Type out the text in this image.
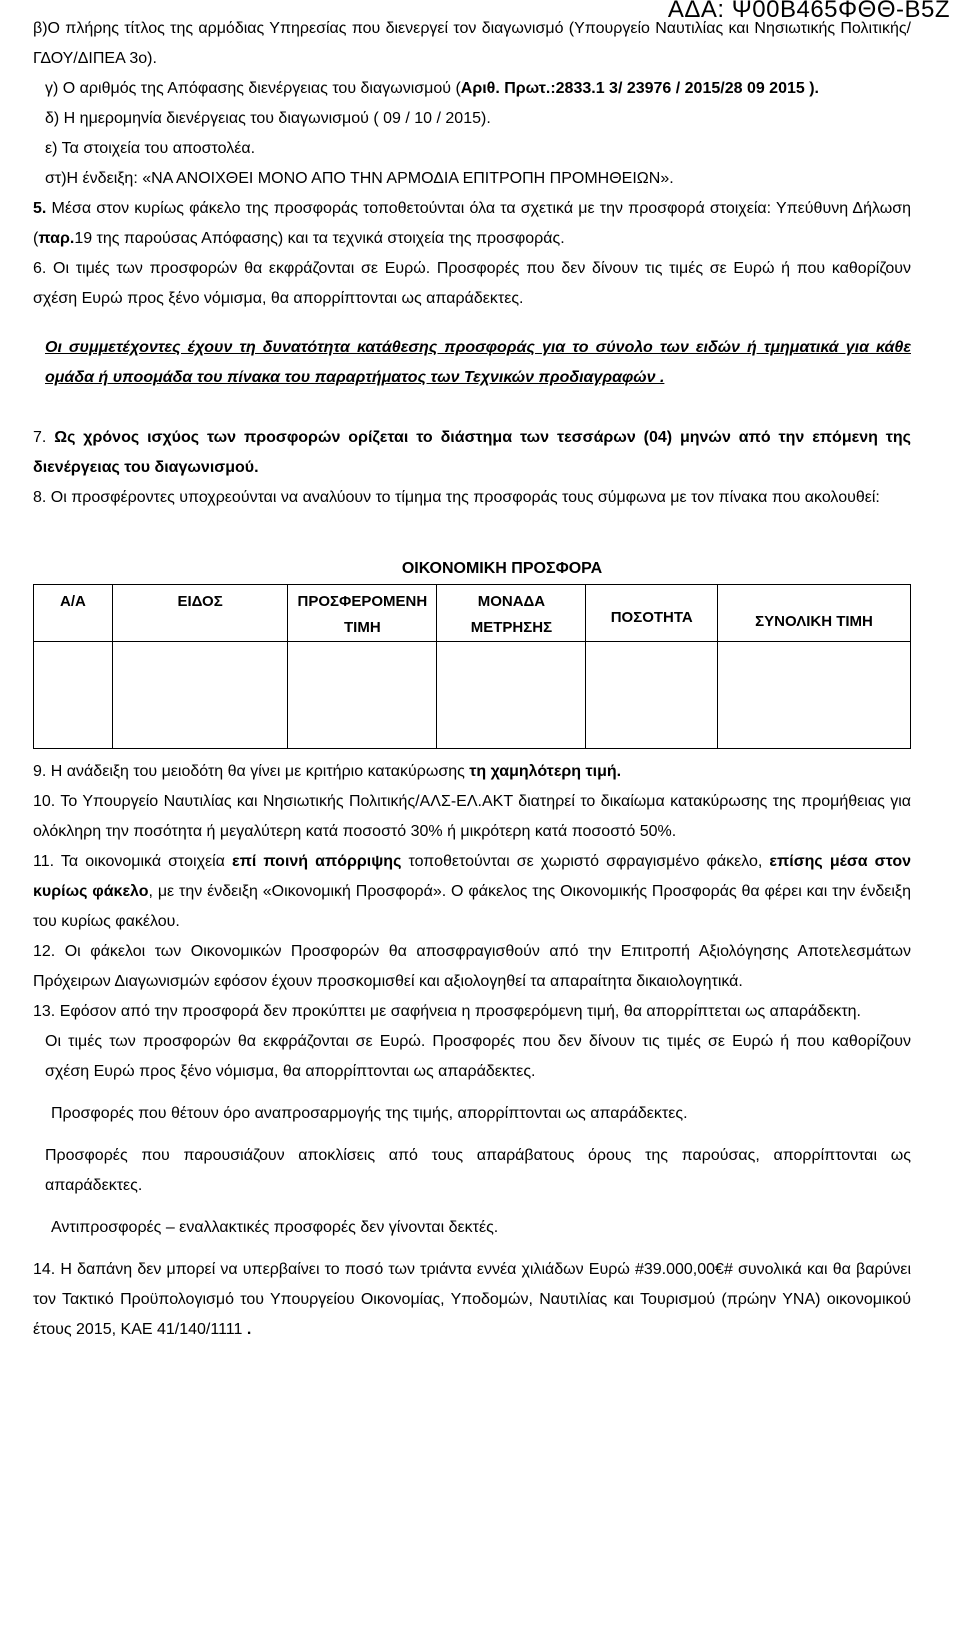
ΑΔΑ: Ψ00Β465ΦΘΘ-Β5Ζ

β)Ο πλήρης τίτλος της αρμόδιας Υπηρεσίας που διενεργεί τον διαγωνισμό (Υπουργείο Ναυτιλίας και Νησιωτικής Πολιτικής/ ΓΔΟΥ/ΔΙΠΕΑ 3ο).

γ) Ο αριθμός της Απόφασης διενέργειας του διαγωνισμού (Αριθ. Πρωτ.:2833.1 3/ 23976 / 2015/28 09 2015 ).

δ) Η ημερομηνία διενέργειας του διαγωνισμού ( 09 / 10 / 2015).

ε) Τα στοιχεία του αποστολέα.

στ)Η ένδειξη: «ΝΑ ΑΝΟΙΧΘΕΙ ΜΟΝΟ ΑΠΟ ΤΗΝ ΑΡΜΟΔΙΑ ΕΠΙΤΡΟΠΗ ΠΡΟΜΗΘΕΙΩΝ».

5. Μέσα στον κυρίως φάκελο της προσφοράς τοποθετούνται όλα τα σχετικά με την προσφορά στοιχεία: Υπεύθυνη Δήλωση (παρ.19 της παρούσας Απόφασης) και τα τεχνικά στοιχεία της προσφοράς.

6. Οι τιμές των προσφορών θα εκφράζονται σε Ευρώ. Προσφορές που δεν δίνουν τις τιμές σε Ευρώ ή που καθορίζουν σχέση Ευρώ προς ξένο νόμισμα, θα απορρίπτονται ως απαράδεκτες.

Οι συμμετέχοντες έχουν τη δυνατότητα κατάθεσης προσφοράς για το σύνολο των ειδών ή τμηματικά για κάθε ομάδα ή υποομάδα του πίνακα του παραρτήματος των Τεχνικών προδιαγραφών .

7. Ως χρόνος ισχύος των προσφορών ορίζεται το διάστημα των τεσσάρων (04) μηνών από την επόμενη της διενέργειας του διαγωνισμού.

8. Οι προσφέροντες υποχρεούνται να αναλύουν το τίμημα της προσφοράς τους σύμφωνα με τον πίνακα που ακολουθεί:

ΟΙΚΟΝΟΜΙΚΗ ΠΡΟΣΦΟΡΑ
Α/Α	ΕΙΔΟΣ	ΠΡΟΣΦΕΡΟΜΕΝΗ ΤΙΜΗ	ΜΟΝΑΔΑ ΜΕΤΡΗΣΗΣ	ΠΟΣΟΤΗΤΑ	ΣΥΝΟΛΙΚΗ ΤΙΜΗ

9. Η ανάδειξη του μειοδότη θα γίνει με κριτήριο κατακύρωσης τη χαμηλότερη τιμή.

10. Το Υπουργείο Ναυτιλίας και Νησιωτικής Πολιτικής/ΑΛΣ-ΕΛ.ΑΚΤ διατηρεί το δικαίωμα κατακύρωσης της προμήθειας για ολόκληρη την ποσότητα ή μεγαλύτερη κατά ποσοστό 30% ή μικρότερη κατά ποσοστό 50%.

11. Τα οικονομικά στοιχεία επί ποινή απόρριψης τοποθετούνται σε χωριστό σφραγισμένο φάκελο, επίσης μέσα στον κυρίως φάκελο, με την ένδειξη «Οικονομική Προσφορά». Ο φάκελος της Οικονομικής Προσφοράς θα φέρει και την ένδειξη του κυρίως φακέλου.

12. Οι φάκελοι των Οικονομικών Προσφορών θα αποσφραγισθούν από την Επιτροπή Αξιολόγησης Αποτελεσμάτων Πρόχειρων Διαγωνισμών εφόσον έχουν προσκομισθεί και αξιολογηθεί τα απαραίτητα δικαιολογητικά.

13. Εφόσον από την προσφορά δεν προκύπτει με σαφήνεια η προσφερόμενη τιμή, θα απορρίπτεται ως απαράδεκτη.

Οι τιμές των προσφορών θα εκφράζονται σε Ευρώ. Προσφορές που δεν δίνουν τις τιμές σε Ευρώ ή που καθορίζουν σχέση Ευρώ προς ξένο νόμισμα, θα απορρίπτονται ως απαράδεκτες.

Προσφορές που θέτουν όρο αναπροσαρμογής της τιμής, απορρίπτονται ως απαράδεκτες.

Προσφορές που παρουσιάζουν αποκλίσεις από τους απαράβατους όρους της παρούσας, απορρίπτονται ως απαράδεκτες.

Αντιπροσφορές – εναλλακτικές προσφορές δεν γίνονται δεκτές.

14. Η δαπάνη δεν μπορεί να υπερβαίνει το ποσό των τριάντα εννέα χιλιάδων Ευρώ #39.000,00€# συνολικά και θα βαρύνει τον Τακτικό Προϋπολογισμό του Υπουργείου Οικονομίας, Υποδομών, Ναυτιλίας και Τουρισμού (πρώην ΥΝΑ) οικονομικού έτους 2015, ΚΑΕ 41/140/1111 .
